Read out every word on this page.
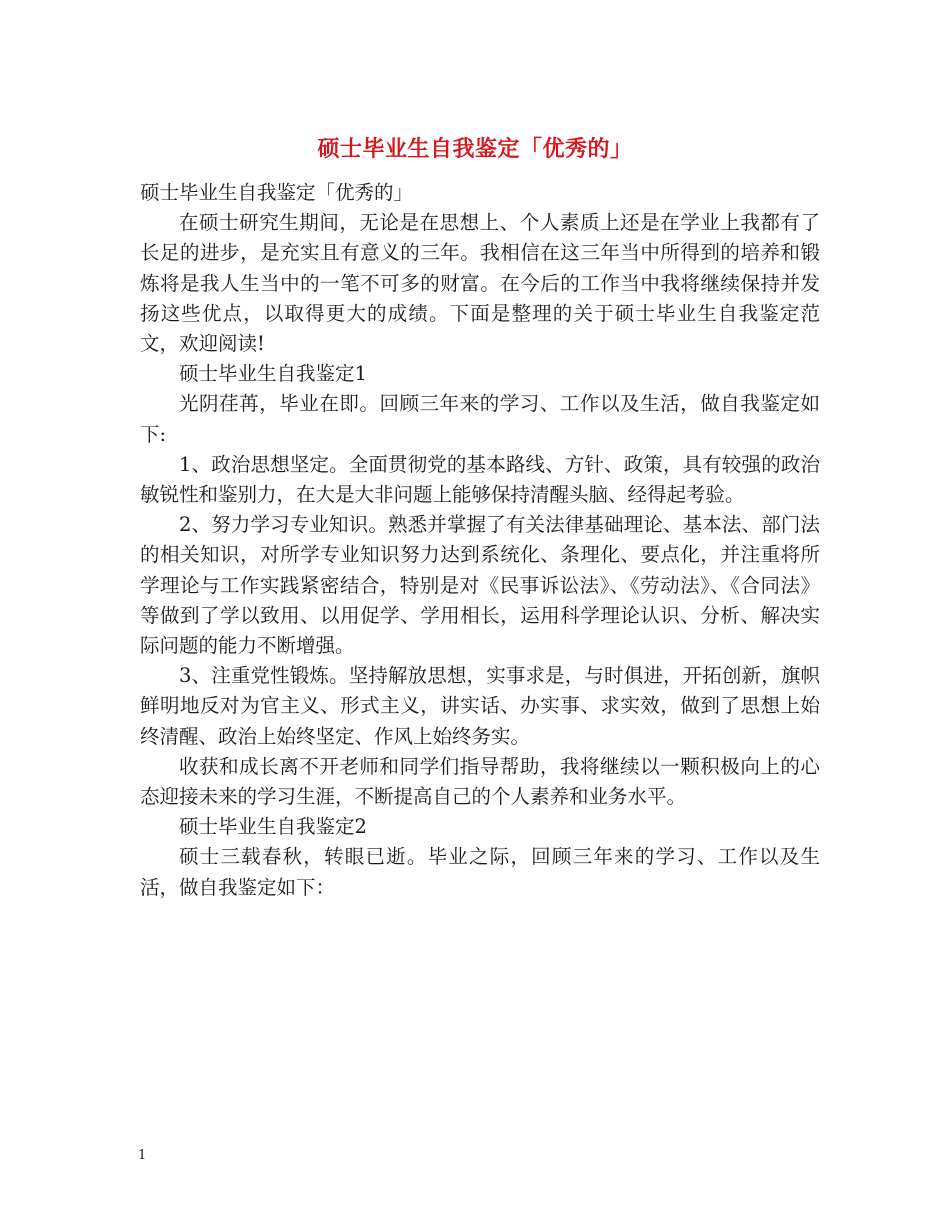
硕士毕业生自我鉴定「优秀的」

硕士毕业生自我鉴定「优秀的」

在硕士研究生期间，无论是在思想上、个人素质上还是在学业上我都有了长足的进步，是充实且有意义的三年。我相信在这三年当中所得到的培养和锻炼将是我人生当中的一笔不可多的财富。在今后的工作当中我将继续保持并发扬这些优点，以取得更大的成绩。下面是整理的关于硕士毕业生自我鉴定范文，欢迎阅读!

硕士毕业生自我鉴定1

光阴荏苒，毕业在即。回顾三年来的学习、工作以及生活，做自我鉴定如下:

1、政治思想坚定。全面贯彻党的基本路线、方针、政策，具有较强的政治敏锐性和鉴别力，在大是大非问题上能够保持清醒头脑、经得起考验。

2、努力学习专业知识。熟悉并掌握了有关法律基础理论、基本法、部门法的相关知识，对所学专业知识努力达到系统化、条理化、要点化，并注重将所学理论与工作实践紧密结合，特别是对《民事诉讼法》、《劳动法》、《合同法》等做到了学以致用、以用促学、学用相长，运用科学理论认识、分析、解决实际问题的能力不断增强。

3、注重党性锻炼。坚持解放思想，实事求是，与时俱进，开拓创新，旗帜鲜明地反对为官主义、形式主义，讲实话、办实事、求实效，做到了思想上始终清醒、政治上始终坚定、作风上始终务实。

收获和成长离不开老师和同学们指导帮助，我将继续以一颗积极向上的心态迎接未来的学习生涯，不断提高自己的个人素养和业务水平。

硕士毕业生自我鉴定2

硕士三载春秋，转眼已逝。毕业之际，回顾三年来的学习、工作以及生活，做自我鉴定如下：

1
